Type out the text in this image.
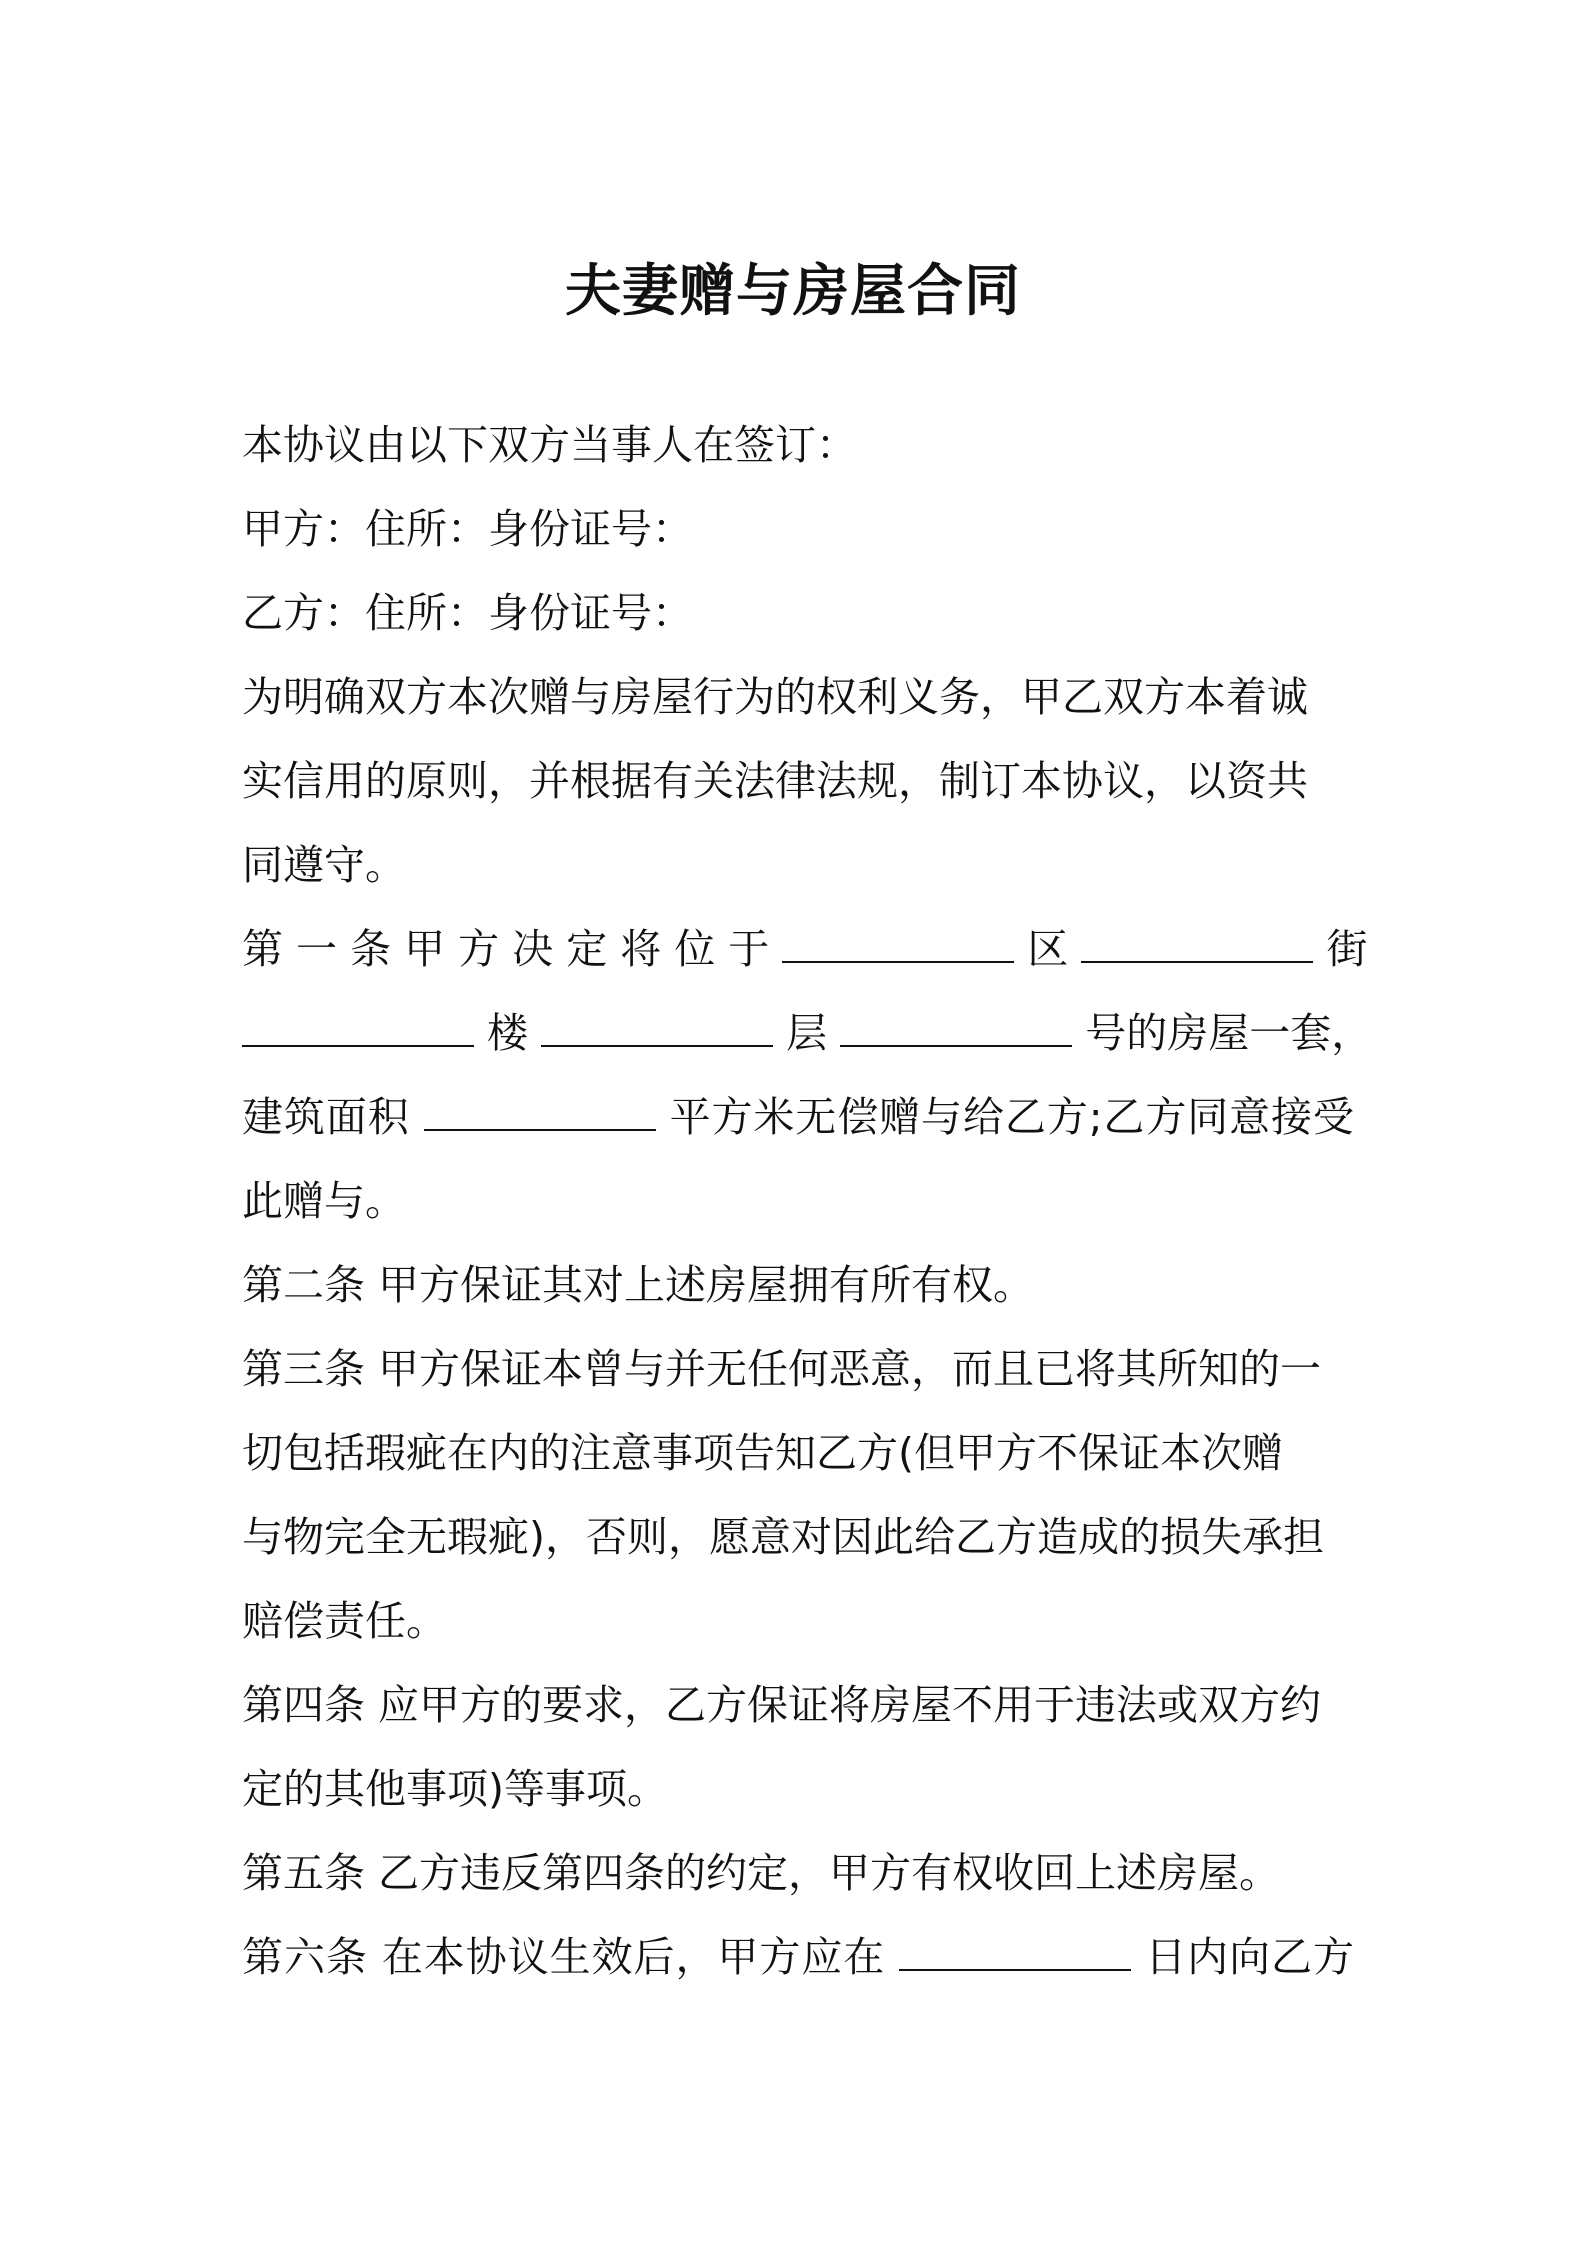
夫妻赠与房屋合同
本协议由以下双方当事人在签订：
甲方：住所：身份证号：
乙方：住所：身份证号：
为明确双方本次赠与房屋行为的权利义务，甲乙双方本着诚
实信用的原则，并根据有关法律法规，制订本协议，以资共
同遵守。
第 一 条 甲 方 决 定 将 位 于	区	街
楼	层	号的房屋一套，
建筑面积	平方米无偿赠与给乙方;乙方同意接受
此赠与。
第二条 甲方保证其对上述房屋拥有所有权。
第三条 甲方保证本曾与并无任何恶意，而且已将其所知的一
切包括瑕疵在内的注意事项告知乙方(但甲方不保证本次赠
与物完全无瑕疵)，否则，愿意对因此给乙方造成的损失承担
赔偿责任。
第四条 应甲方的要求，乙方保证将房屋不用于违法或双方约
定的其他事项)等事项。
第五条 乙方违反第四条的约定，甲方有权收回上述房屋。
第六条 在本协议生效后，甲方应在	日内向乙方
